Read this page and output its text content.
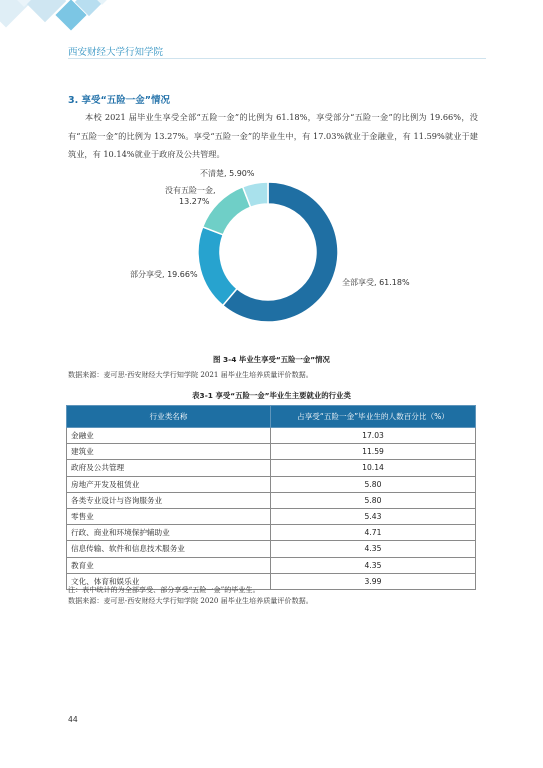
西安财经大学行知学院
3. 享受“五险一金”情况
本校 2021 届毕业生享受全部“五险一金”的比例为 61.18%，享受部分“五险一金”的比例为 19.66%，没有“五险一金”的比例为 13.27%。享受“五险一金”的毕业生中，有 17.03%就业于金融业，有 11.59%就业于建筑业，有 10.14%就业于政府及公共管理。
全部享受, 61.18%
部分享受, 19.66%
没有五险一金, 13.27%
不清楚, 5.90%
图 3-4 毕业生享受“五险一金”情况
数据来源：麦可思-西安财经大学行知学院 2021 届毕业生培养质量评价数据。
表3-1 享受“五险一金”毕业生主要就业的行业类
行业类名称	占享受“五险一金”毕业生的人数百分比（%）
金融业	17.03
建筑业	11.59
政府及公共管理	10.14
房地产开发及租赁业	5.80
各类专业设计与咨询服务业	5.80
零售业	5.43
行政、商业和环境保护辅助业	4.71
信息传输、软件和信息技术服务业	4.35
教育业	4.35
文化、体育和娱乐业	3.99
注：表中统计的为全部享受、部分享受“五险一金”的毕业生。
数据来源：麦可思-西安财经大学行知学院 2020 届毕业生培养质量评价数据。
44
